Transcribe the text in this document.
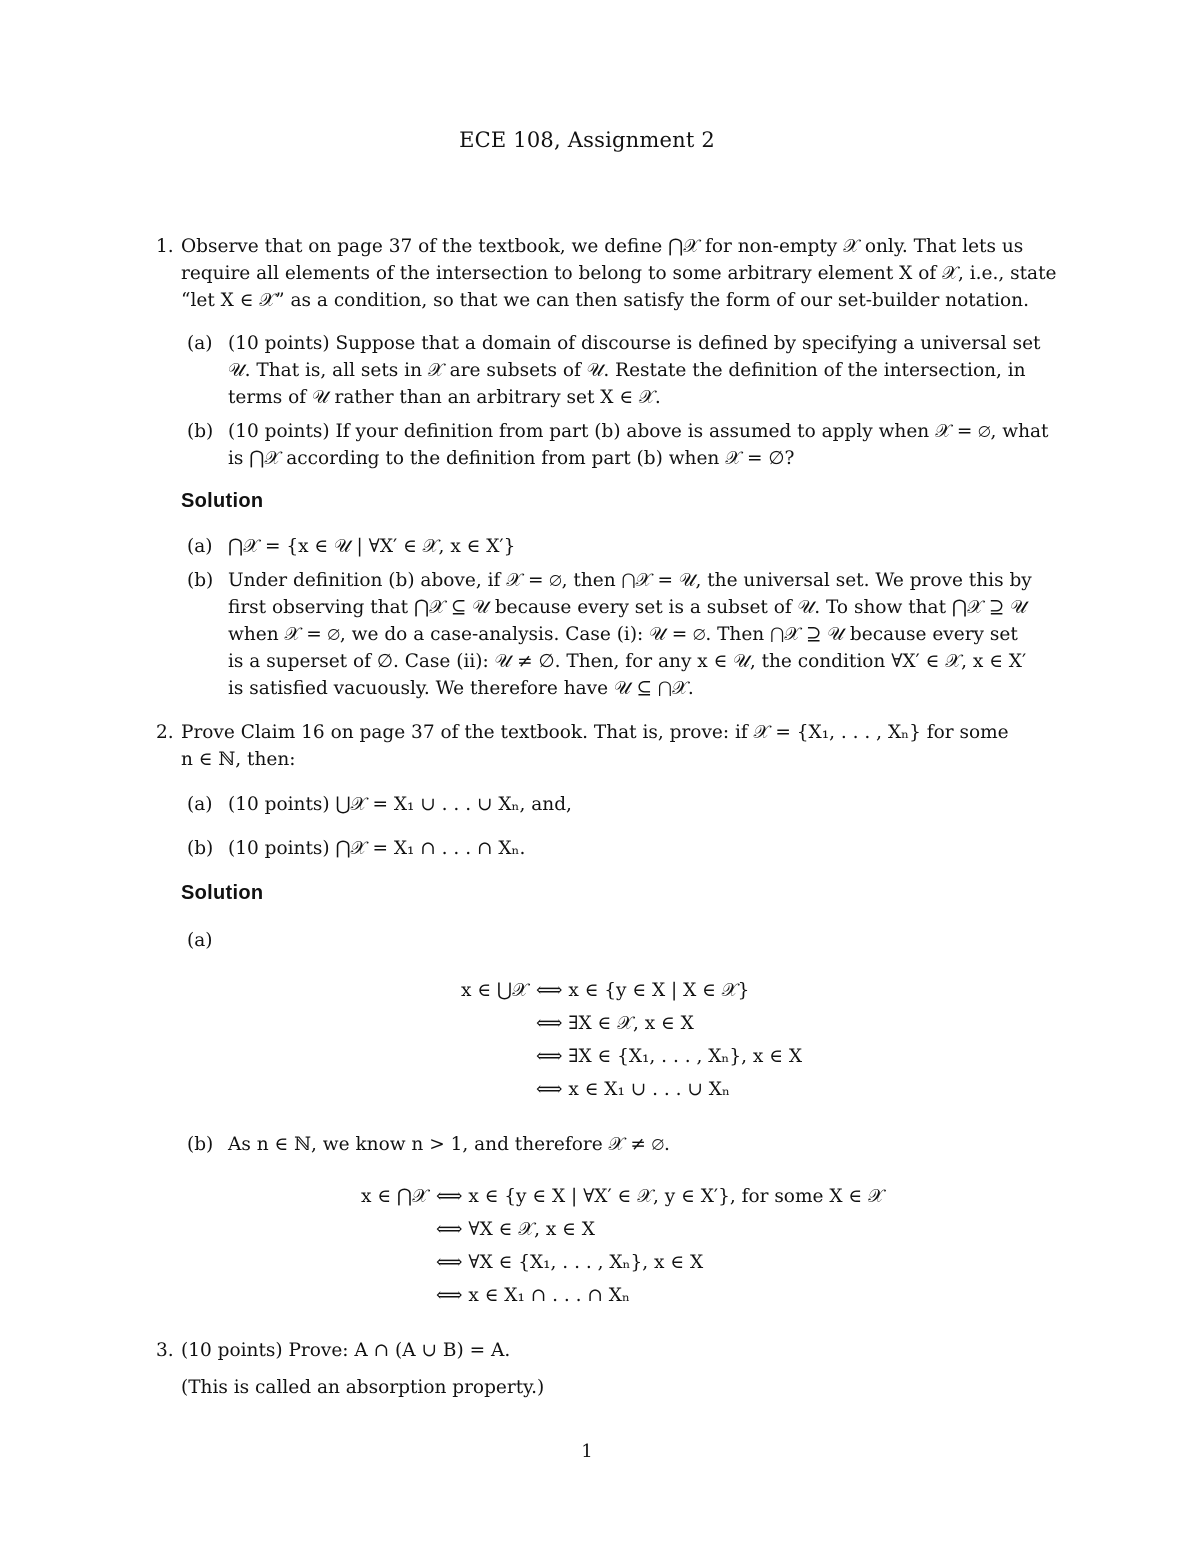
ECE 108, Assignment 2
1. Observe that on page 37 of the textbook, we define ⋂𝒳 for non-empty 𝒳 only. That lets us
require all elements of the intersection to belong to some arbitrary element X of 𝒳, i.e., state
“let X ∈ 𝒳” as a condition, so that we can then satisfy the form of our set-builder notation.
(a) (10 points) Suppose that a domain of discourse is defined by specifying a universal set
𝒰. That is, all sets in 𝒳 are subsets of 𝒰. Restate the definition of the intersection, in
terms of 𝒰 rather than an arbitrary set X ∈ 𝒳.
(b) (10 points) If your definition from part (b) above is assumed to apply when 𝒳 = ∅, what
is ⋂𝒳 according to the definition from part (b) when 𝒳 = ∅?
Solution
(a) ⋂𝒳 = {x ∈ 𝒰 | ∀X′ ∈ 𝒳, x ∈ X′}
(b) Under definition (b) above, if 𝒳 = ∅, then ⋂𝒳 = 𝒰, the universal set. We prove this by
first observing that ⋂𝒳 ⊆ 𝒰 because every set is a subset of 𝒰. To show that ⋂𝒳 ⊇ 𝒰
when 𝒳 = ∅, we do a case-analysis. Case (i): 𝒰 = ∅. Then ⋂𝒳 ⊇ 𝒰 because every set
is a superset of ∅. Case (ii): 𝒰 ≠ ∅. Then, for any x ∈ 𝒰, the condition ∀X′ ∈ 𝒳, x ∈ X′
is satisfied vacuously. We therefore have 𝒰 ⊆ ⋂𝒳.
2. Prove Claim 16 on page 37 of the textbook. That is, prove: if 𝒳 = {X₁, . . . , Xₙ} for some
n ∈ ℕ, then:
(a) (10 points) ⋃𝒳 = X₁ ∪ . . . ∪ Xₙ, and,
(b) (10 points) ⋂𝒳 = X₁ ∩ . . . ∩ Xₙ.
Solution
(a)
x ∈ ⋃𝒳 ⟺ x ∈ {y ∈ X | X ∈ 𝒳}
⟺ ∃X ∈ 𝒳, x ∈ X
⟺ ∃X ∈ {X₁, . . . , Xₙ}, x ∈ X
⟺ x ∈ X₁ ∪ . . . ∪ Xₙ
(b) As n ∈ ℕ, we know n > 1, and therefore 𝒳 ≠ ∅.
x ∈ ⋂𝒳 ⟺ x ∈ {y ∈ X | ∀X′ ∈ 𝒳, y ∈ X′}, for some X ∈ 𝒳
⟺ ∀X ∈ 𝒳, x ∈ X
⟺ ∀X ∈ {X₁, . . . , Xₙ}, x ∈ X
⟺ x ∈ X₁ ∩ . . . ∩ Xₙ
3. (10 points) Prove: A ∩ (A ∪ B) = A.
(This is called an absorption property.)
1
